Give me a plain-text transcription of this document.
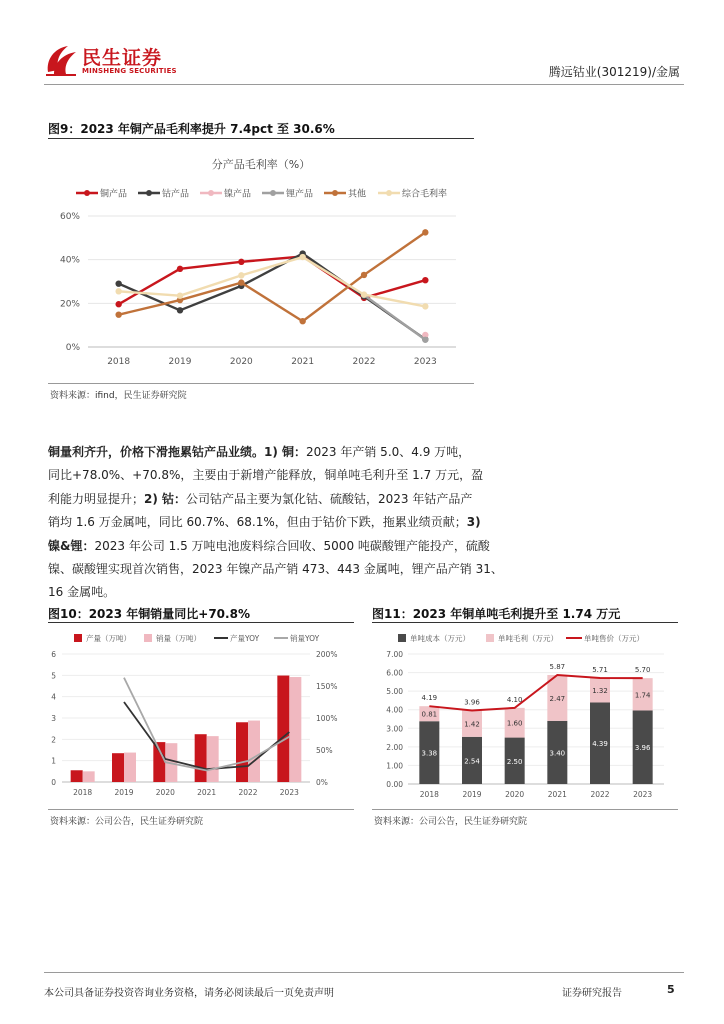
民生证券
MINSHENG SECURITIES	腾远钴业(301219)/金属
图9：2023 年铜产品毛利率提升 7.4pct 至 30.6%
分产品毛利率（%）
铜产品	钴产品	镍产品	锂产品	其他	综合毛利率
0%
20%
40%
60%
2018	2019	2020	2021	2022	2023
资料来源：ifind，民生证券研究院
铜量利齐升，价格下滑拖累钴产品业绩。1) 铜：2023 年产销 5.0、4.9 万吨，
同比+78.0%、+70.8%，主要由于新增产能释放，铜单吨毛利升至 1.7 万元，盈
利能力明显提升；2) 钴：公司钴产品主要为氯化钴、硫酸钴，2023 年钴产品产
销均 1.6 万金属吨，同比 60.7%、68.1%，但由于钴价下跌，拖累业绩贡献；3)
镍&锂：2023 年公司 1.5 万吨电池废料综合回收、5000 吨碳酸锂产能投产，硫酸
镍、碳酸锂实现首次销售，2023 年镍产品产销 473、443 金属吨，锂产品产销 31、
16 金属吨。
图10：2023 年铜销量同比+70.8%
产量（万吨）	销量（万吨）	产量YOY	销量YOY
0
1
2
3
4
5
6
0%
50%
100%
150%
200%
2018	2019	2020	2021	2022	2023
资料来源：公司公告，民生证券研究院
图11：2023 年铜单吨毛利提升至 1.74 万元
单吨成本（万元）	单吨毛利（万元）	单吨售价（万元）
0.00
1.00
2.00
3.00
4.00
5.00
6.00
7.00
2018	2019	2020	2021	2022	2023
3.38
0.81
2.54
1.42
2.50
1.60
3.40
2.47
4.39
1.32
3.96
1.74
4.19
3.96	4.10
5.87	5.71	5.70
资料来源：公司公告，民生证券研究院
本公司具备证券投资咨询业务资格，请务必阅读最后一页免责声明	证券研究报告	5
